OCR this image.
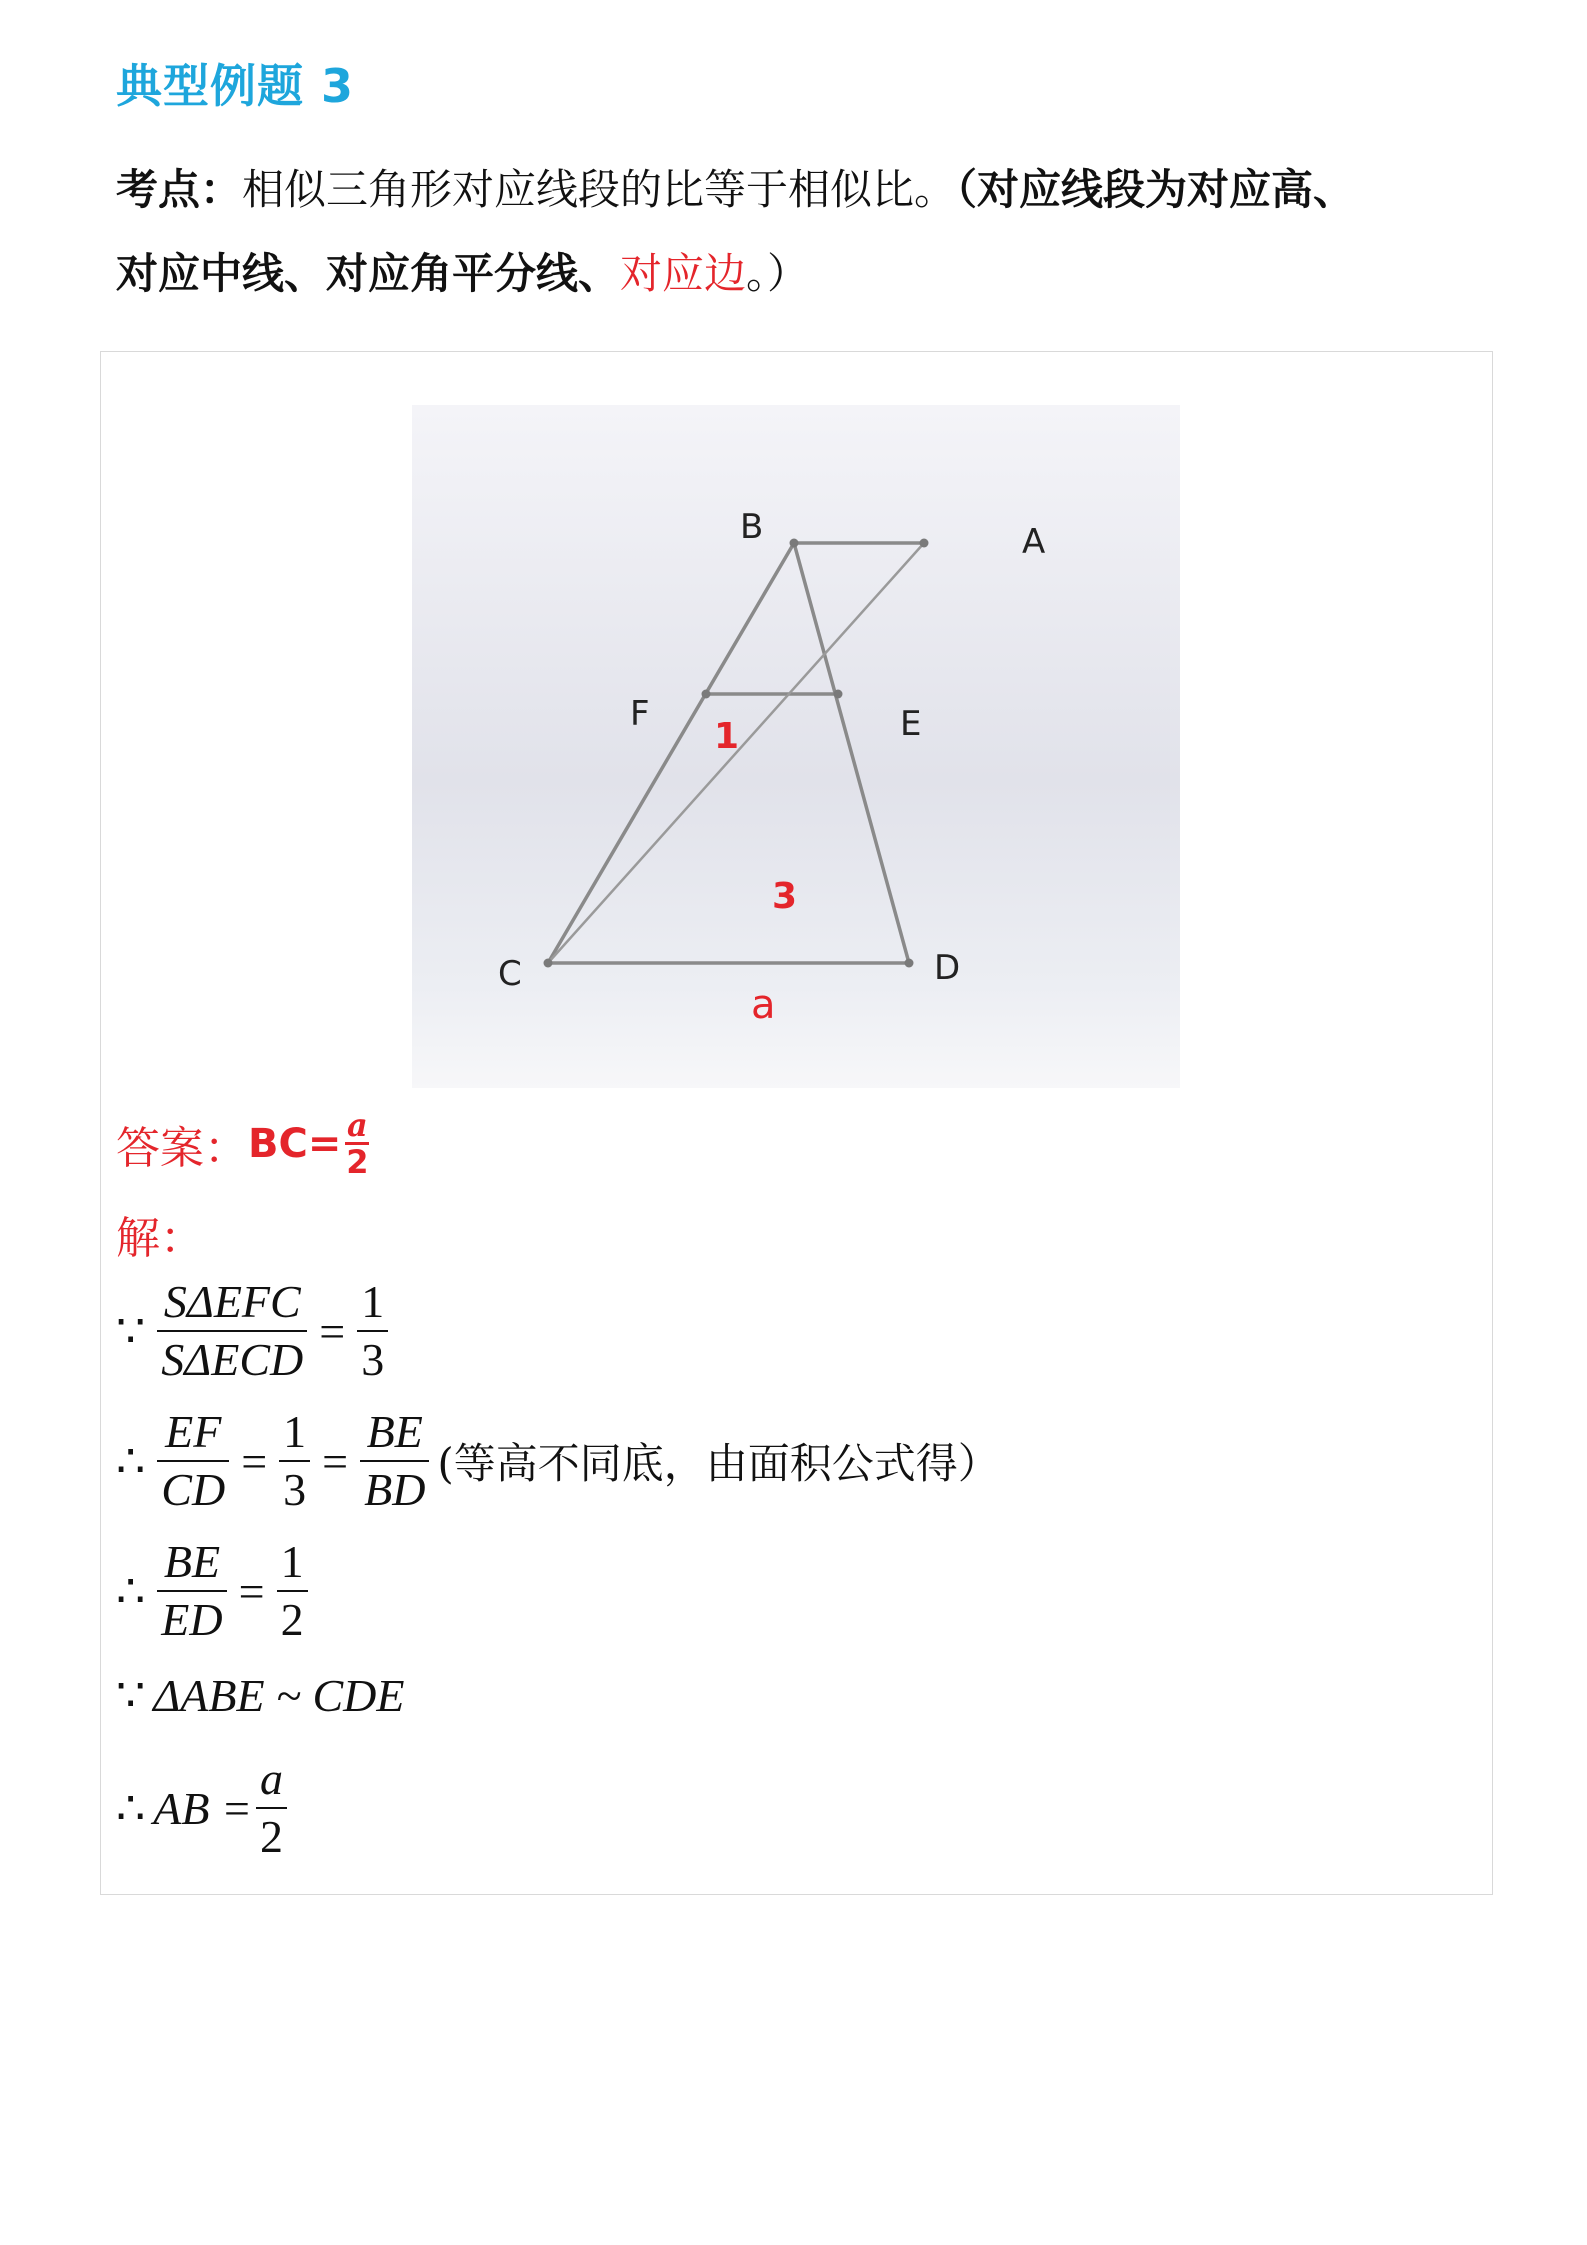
典型例题 3
考点：相似三角形对应线段的比等于相似比。（对应线段为对应高、
对应中线、对应角平分线、对应边。）
B	A
F	E
C	D
1
3
a
答案： BC= a
2
解：
∵ $\frac{\text{SΔEFC}}{\text{SΔECD}} = \frac{1}{3}$
∴ $\frac{EF}{CD} = \frac{1}{3} = \frac{BE}{BD}$ (等高不同底，由面积公式得）
∴ $\frac{BE}{ED} = \frac{1}{2}$
∵ ΔABE ~ CDE
∴ AB = $\frac{a}{2}$
